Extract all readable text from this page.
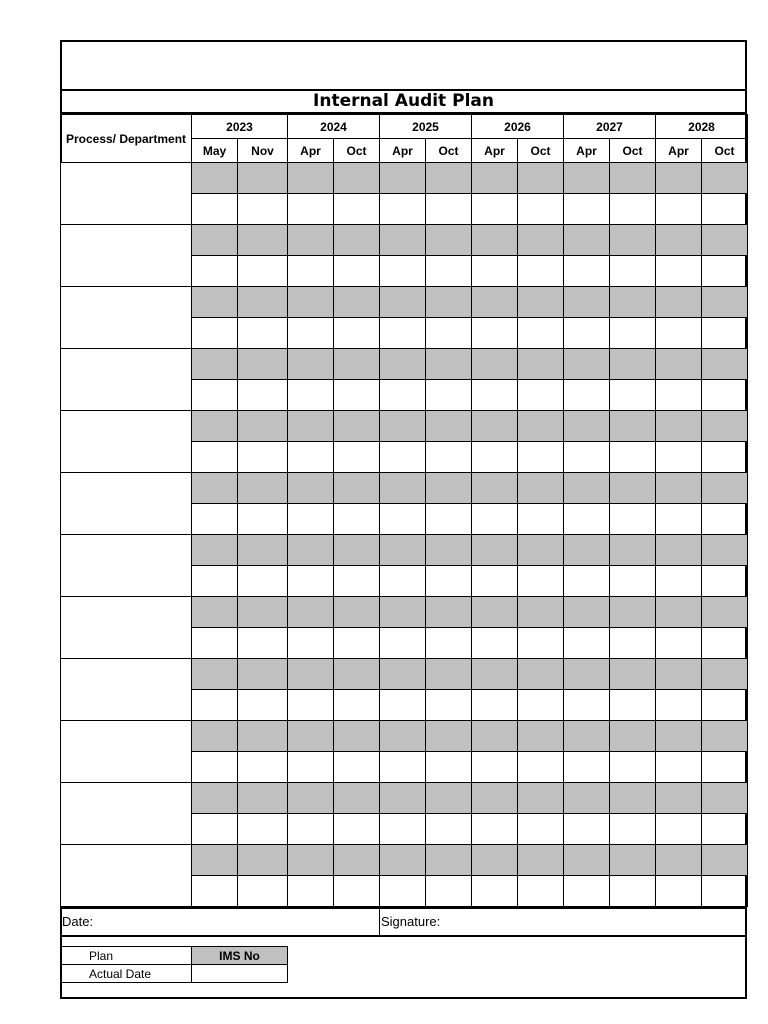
Internal Audit Plan
Process/ Department	2023		2024		2025		2026		2027		2028	
	May	Nov	Apr	Oct	Apr	Oct	Apr	Oct	Apr	Oct	Apr	Oct

Date:	Signature:
Plan	IMS No
Actual Date	
